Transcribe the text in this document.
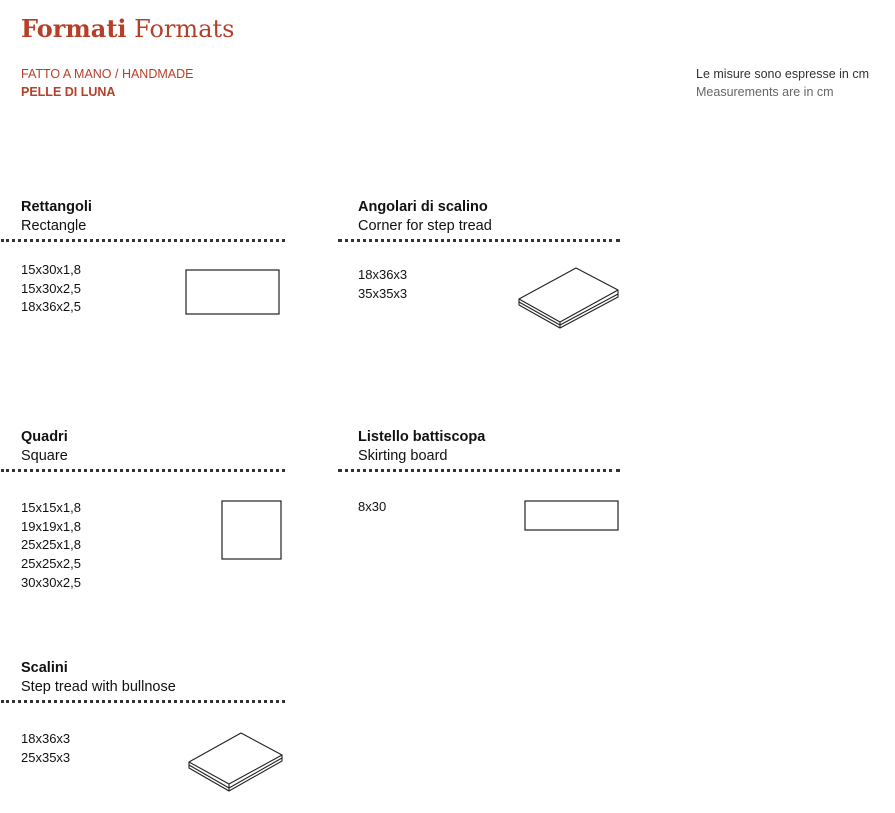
Formati Formats
FATTO A MANO / HANDMADE
PELLE DI LUNA
Le misure sono espresse in cm
Measurements are in cm
Rettangoli
Rectangle
15x30x1,8
15x30x2,5
18x36x2,5
Angolari di scalino
Corner for step tread
18x36x3
35x35x3
Quadri
Square
15x15x1,8
19x19x1,8
25x25x1,8
25x25x2,5
30x30x2,5
Listello battiscopa
Skirting board
8x30
Scalini
Step tread with bullnose
18x36x3
25x35x3
